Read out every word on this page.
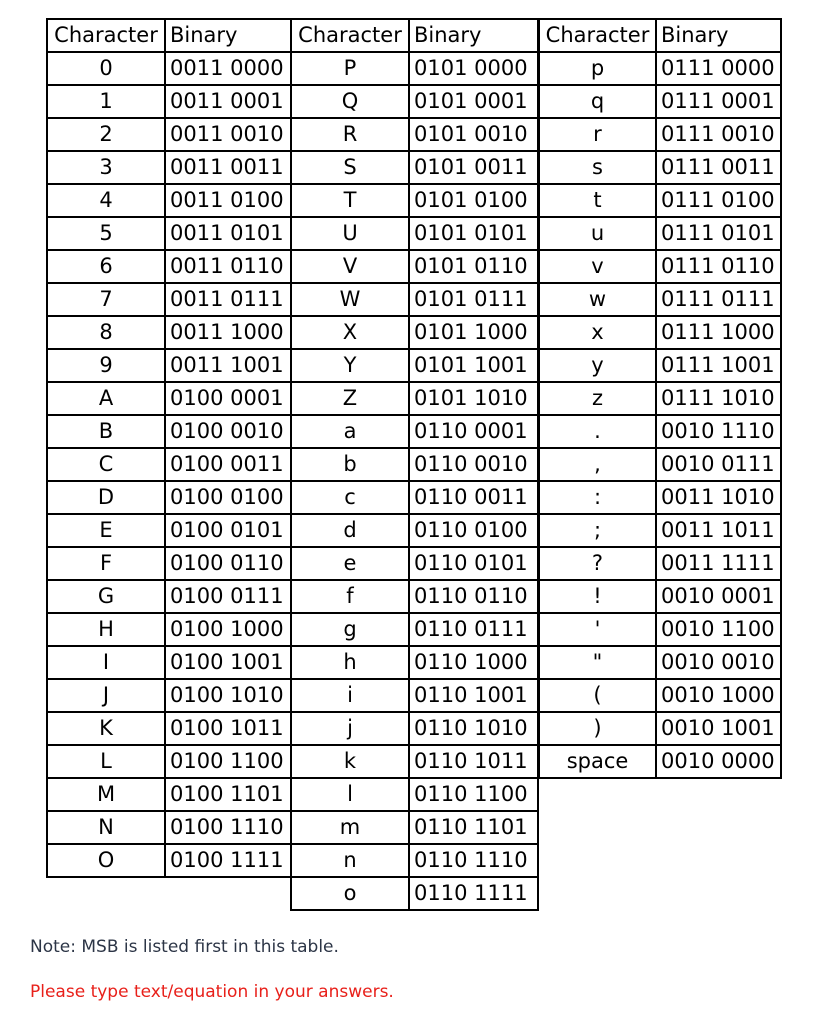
Character	Binary
0	0011 0000
1	0011 0001
2	0011 0010
3	0011 0011
4	0011 0100
5	0011 0101
6	0011 0110
7	0011 0111
8	0011 1000
9	0011 1001
A	0100 0001
B	0100 0010
C	0100 0011
D	0100 0100
E	0100 0101
F	0100 0110
G	0100 0111
H	0100 1000
I	0100 1001
J	0100 1010
K	0100 1011
L	0100 1100
M	0100 1101
N	0100 1110
O	0100 1111
Character	Binary
P	0101 0000
Q	0101 0001
R	0101 0010
S	0101 0011
T	0101 0100
U	0101 0101
V	0101 0110
W	0101 0111
X	0101 1000
Y	0101 1001
Z	0101 1010
a	0110 0001
b	0110 0010
c	0110 0011
d	0110 0100
e	0110 0101
f	0110 0110
g	0110 0111
h	0110 1000
i	0110 1001
j	0110 1010
k	0110 1011
l	0110 1100
m	0110 1101
n	0110 1110
o	0110 1111
Character	Binary
p	0111 0000
q	0111 0001
r	0111 0010
s	0111 0011
t	0111 0100
u	0111 0101
v	0111 0110
w	0111 0111
x	0111 1000
y	0111 1001
z	0111 1010
.	0010 1110
,	0010 0111
:	0011 1010
;	0011 1011
?	0011 1111
!	0010 0001
'	0010 1100
"	0010 0010
(	0010 1000
)	0010 1001
space	0010 0000
Note: MSB is listed first in this table.
Please type text/equation in your answers.
